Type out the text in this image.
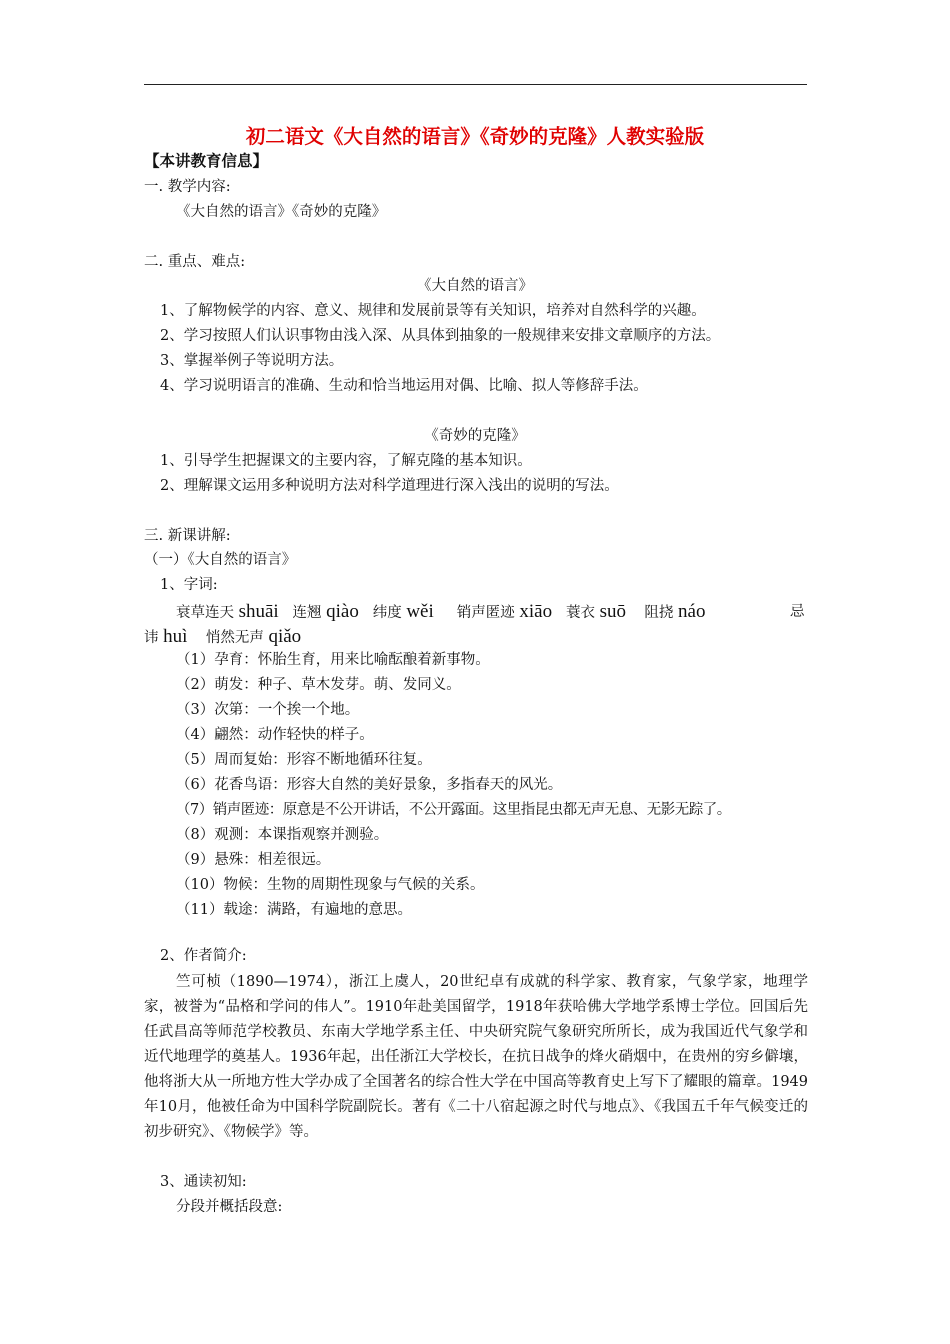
初二语文《大自然的语言》《奇妙的克隆》人教实验版
【本讲教育信息】
一. 教学内容:
《大自然的语言》《奇妙的克隆》
二. 重点、难点:
《大自然的语言》
1、了解物候学的内容、意义、规律和发展前景等有关知识，培养对自然科学的兴趣。
2、学习按照人们认识事物由浅入深、从具体到抽象的一般规律来安排文章顺序的方法。
3、掌握举例子等说明方法。
4、学习说明语言的准确、生动和恰当地运用对偶、比喻、拟人等修辞手法。
《奇妙的克隆》
1、引导学生把握课文的主要内容，了解克隆的基本知识。
2、理解课文运用多种说明方法对科学道理进行深入浅出的说明的写法。
三. 新课讲解:
（一）《大自然的语言》
1、字词:
衰草连天 shuāi 连翘 qiào 纬度 wěi 销声匿迹 xiāo 蓑衣 suō 阻挠 náo	忌
讳 huì 悄然无声 qiǎo
（1）孕育：怀胎生育，用来比喻酝酿着新事物。
（2）萌发：种子、草木发芽。萌、发同义。
（3）次第：一个挨一个地。
（4）翩然：动作轻快的样子。
（5）周而复始：形容不断地循环往复。
（6）花香鸟语：形容大自然的美好景象，多指春天的风光。
（7）销声匿迹：原意是不公开讲话，不公开露面。这里指昆虫都无声无息、无影无踪了。
（8）观测：本课指观察并测验。
（9）悬殊：相差很远。
（10）物候：生物的周期性现象与气候的关系。
（11）载途：满路，有遍地的意思。
2、作者简介:
竺可桢（1890—1974），浙江上虞人，20世纪卓有成就的科学家、教育家，气象学家，地理学家，被誉为“品格和学问的伟人”。1910年赴美国留学，1918年获哈佛大学地学系博士学位。回国后先任武昌高等师范学校教员、东南大学地学系主任、中央研究院气象研究所所长，成为我国近代气象学和近代地理学的奠基人。1936年起，出任浙江大学校长，在抗日战争的烽火硝烟中，在贵州的穷乡僻壤，他将浙大从一所地方性大学办成了全国著名的综合性大学在中国高等教育史上写下了耀眼的篇章。1949年10月，他被任命为中国科学院副院长。著有《二十八宿起源之时代与地点》、《我国五千年气候变迁的初步研究》、《物候学》等。
3、通读初知:
分段并概括段意:
